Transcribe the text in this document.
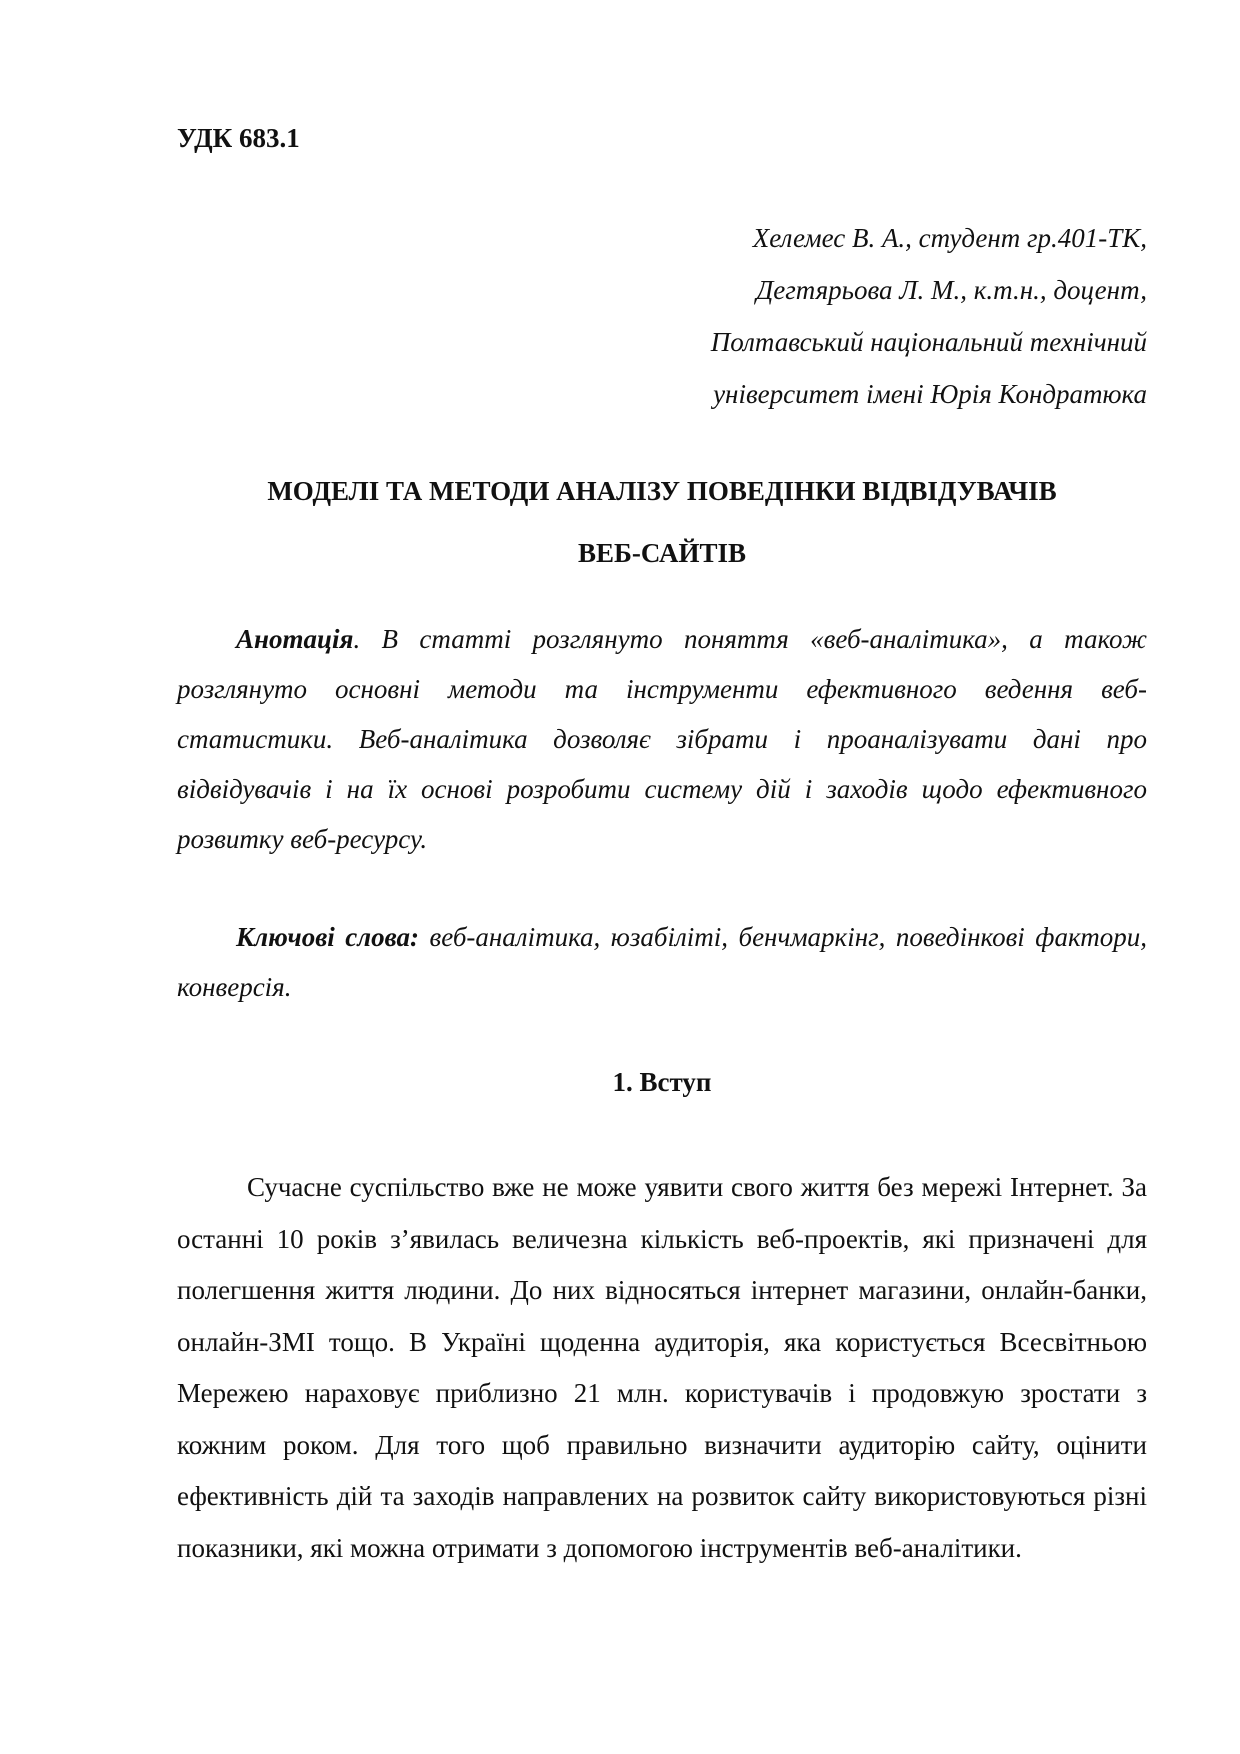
УДК 683.1

Хелемес В. А., студент гр.401-ТК,
Дегтярьова Л. М., к.т.н., доцент,
Полтавський національний технічний
університет імені Юрія Кондратюка
МОДЕЛІ ТА МЕТОДИ АНАЛІЗУ ПОВЕДІНКИ ВІДВІДУВАЧІВ
ВЕБ-САЙТІВ

Анотація. В статті розглянуто поняття «веб-аналітика», а також розглянуто основні методи та інструменти ефективного ведення веб-статистики. Веб-аналітика дозволяє зібрати і проаналізувати дані про відвідувачів і на їх основі розробити систему дій і заходів щодо ефективного розвитку веб-ресурсу.

Ключові слова: веб-аналітика, юзабіліті, бенчмаркінг, поведінкові фактори, конверсія.

1. Вступ

Сучасне суспільство вже не може уявити свого життя без мережі Інтернет. За останні 10 років з’явилась величезна кількість веб-проектів, які призначені для полегшення життя людини. До них відносяться інтернет магазини, онлайн-банки, онлайн-ЗМІ тощо. В Україні щоденна аудиторія, яка користується Всесвітньою Мережею нараховує приблизно 21 млн. користувачів і продовжую зростати з кожним роком. Для того щоб правильно визначити аудиторію сайту, оцінити ефективність дій та заходів направлених на розвиток сайту використовуються різні показники, які можна отримати з допомогою інструментів веб-аналітики.
